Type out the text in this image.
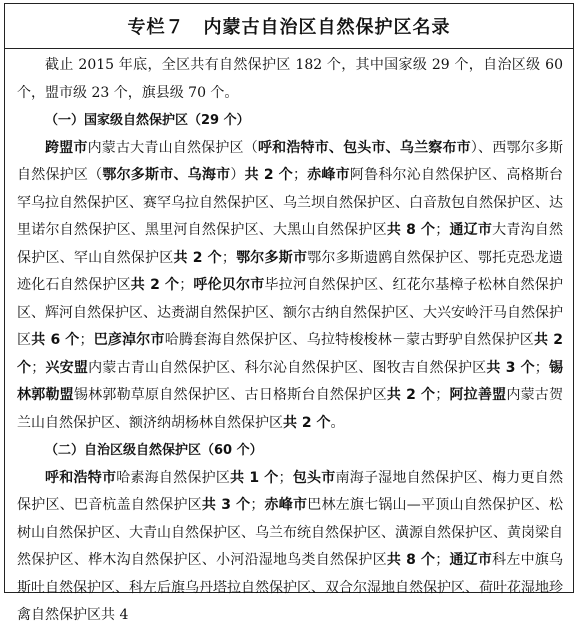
专栏７　内蒙古自治区自然保护区名录

截止 2015 年底，全区共有自然保护区 182 个，其中国家级 29 个，自治区级 60 个，盟市级 23 个，旗县级 70 个。

（一）国家级自然保护区（29 个）

跨盟市内蒙古大青山自然保护区（呼和浩特市、包头市、乌兰察布市）、西鄂尔多斯自然保护区（鄂尔多斯市、乌海市）共 2 个；赤峰市阿鲁科尔沁自然保护区、高格斯台罕乌拉自然保护区、赛罕乌拉自然保护区、乌兰坝自然保护区、白音敖包自然保护区、达里诺尔自然保护区、黑里河自然保护区、大黑山自然保护区共 8 个；通辽市大青沟自然保护区、罕山自然保护区共 2 个；鄂尔多斯市鄂尔多斯遗鸥自然保护区、鄂托克恐龙遗迹化石自然保护区共 2 个；呼伦贝尔市毕拉河自然保护区、红花尔基樟子松林自然保护区、辉河自然保护区、达赉湖自然保护区、额尔古纳自然保护区、大兴安岭汗马自然保护区共 6 个；巴彦淖尔市哈腾套海自然保护区、乌拉特梭梭林－蒙古野驴自然保护区共 2 个；兴安盟内蒙古青山自然保护区、科尔沁自然保护区、图牧吉自然保护区共 3 个；锡林郭勒盟锡林郭勒草原自然保护区、古日格斯台自然保护区共 2 个；阿拉善盟内蒙古贺兰山自然保护区、额济纳胡杨林自然保护区共 2 个。

（二）自治区级自然保护区（60 个）

呼和浩特市哈素海自然保护区共 1 个；包头市南海子湿地自然保护区、梅力更自然保护区、巴音杭盖自然保护区共 3 个；赤峰市巴林左旗七锅山—平顶山自然保护区、松树山自然保护区、大青山自然保护区、乌兰布统自然保护区、潢源自然保护区、黄岗梁自然保护区、桦木沟自然保护区、小河沿湿地鸟类自然保护区共 8 个；通辽市科左中旗乌斯吐自然保护区、科左后旗乌丹塔拉自然保护区、双合尔湿地自然保护区、荷叶花湿地珍禽自然保护区共 4
